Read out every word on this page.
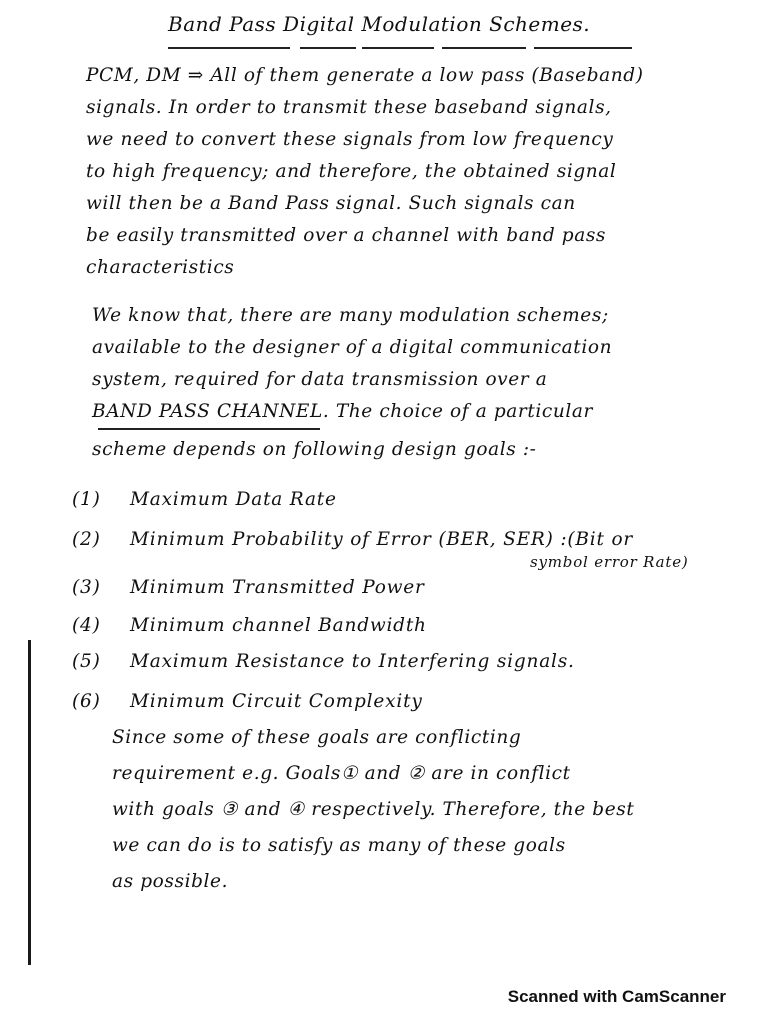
Band Pass Digital Modulation Schemes.
PCM, DM ⇒ All of them generate a low pass (Baseband)
signals. In order to transmit these baseband signals,
we need to convert these signals from low frequency
to high frequency; and therefore, the obtained signal
will then be a Band Pass signal. Such signals can
be easily transmitted over a channel with band pass
characteristics
We know that, there are many modulation schemes;
available to the designer of a digital communication
system, required for data transmission over a
BAND PASS CHANNEL. The choice of a particular
scheme depends on following design goals :-
(1) Maximum Data Rate
(2) Minimum Probability of Error (BER, SER) :(Bit or
symbol error Rate)
(3) Minimum Transmitted Power
(4) Minimum channel Bandwidth
(5) Maximum Resistance to Interfering signals.
(6) Minimum Circuit Complexity
Since some of these goals are conflicting
requirement e.g. Goals① and ② are in conflict
with goals ③ and ④ respectively. Therefore, the best
we can do is to satisfy as many of these goals
as possible.
Scanned with CamScanner
